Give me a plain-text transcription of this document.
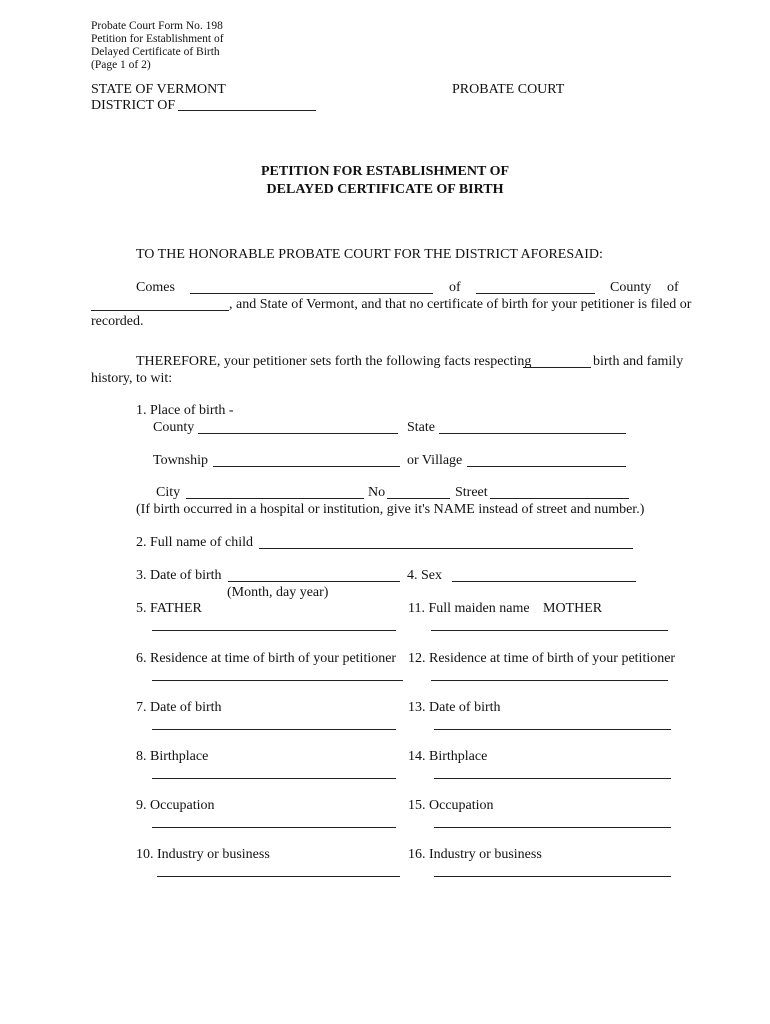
Probate Court Form No. 198
Petition for Establishment of
Delayed Certificate of Birth
(Page 1 of 2)
STATE OF VERMONT	PROBATE COURT
DISTRICT OF
PETITION FOR ESTABLISHMENT OF
DELAYED CERTIFICATE OF BIRTH
TO THE HONORABLE PROBATE COURT FOR THE DISTRICT AFORESAID:
Comes	of	County of
, and State of Vermont, and that no certificate of birth for your petitioner is filed or
recorded.
THEREFORE, your petitioner sets forth the following facts respecting	birth and family
history, to wit:
1. Place of birth -
County	State
Township	or Village
City	No	Street
(If birth occurred in a hospital or institution, give it's NAME instead of street and number.)
2. Full name of child
3. Date of birth	4. Sex
(Month, day year)
5. FATHER	11. Full maiden name MOTHER
6. Residence at time of birth of your petitioner 12. Residence at time of birth of your petitioner
7. Date of birth	13. Date of birth
8. Birthplace	14. Birthplace
9. Occupation	15. Occupation
10. Industry or business	16. Industry or business
